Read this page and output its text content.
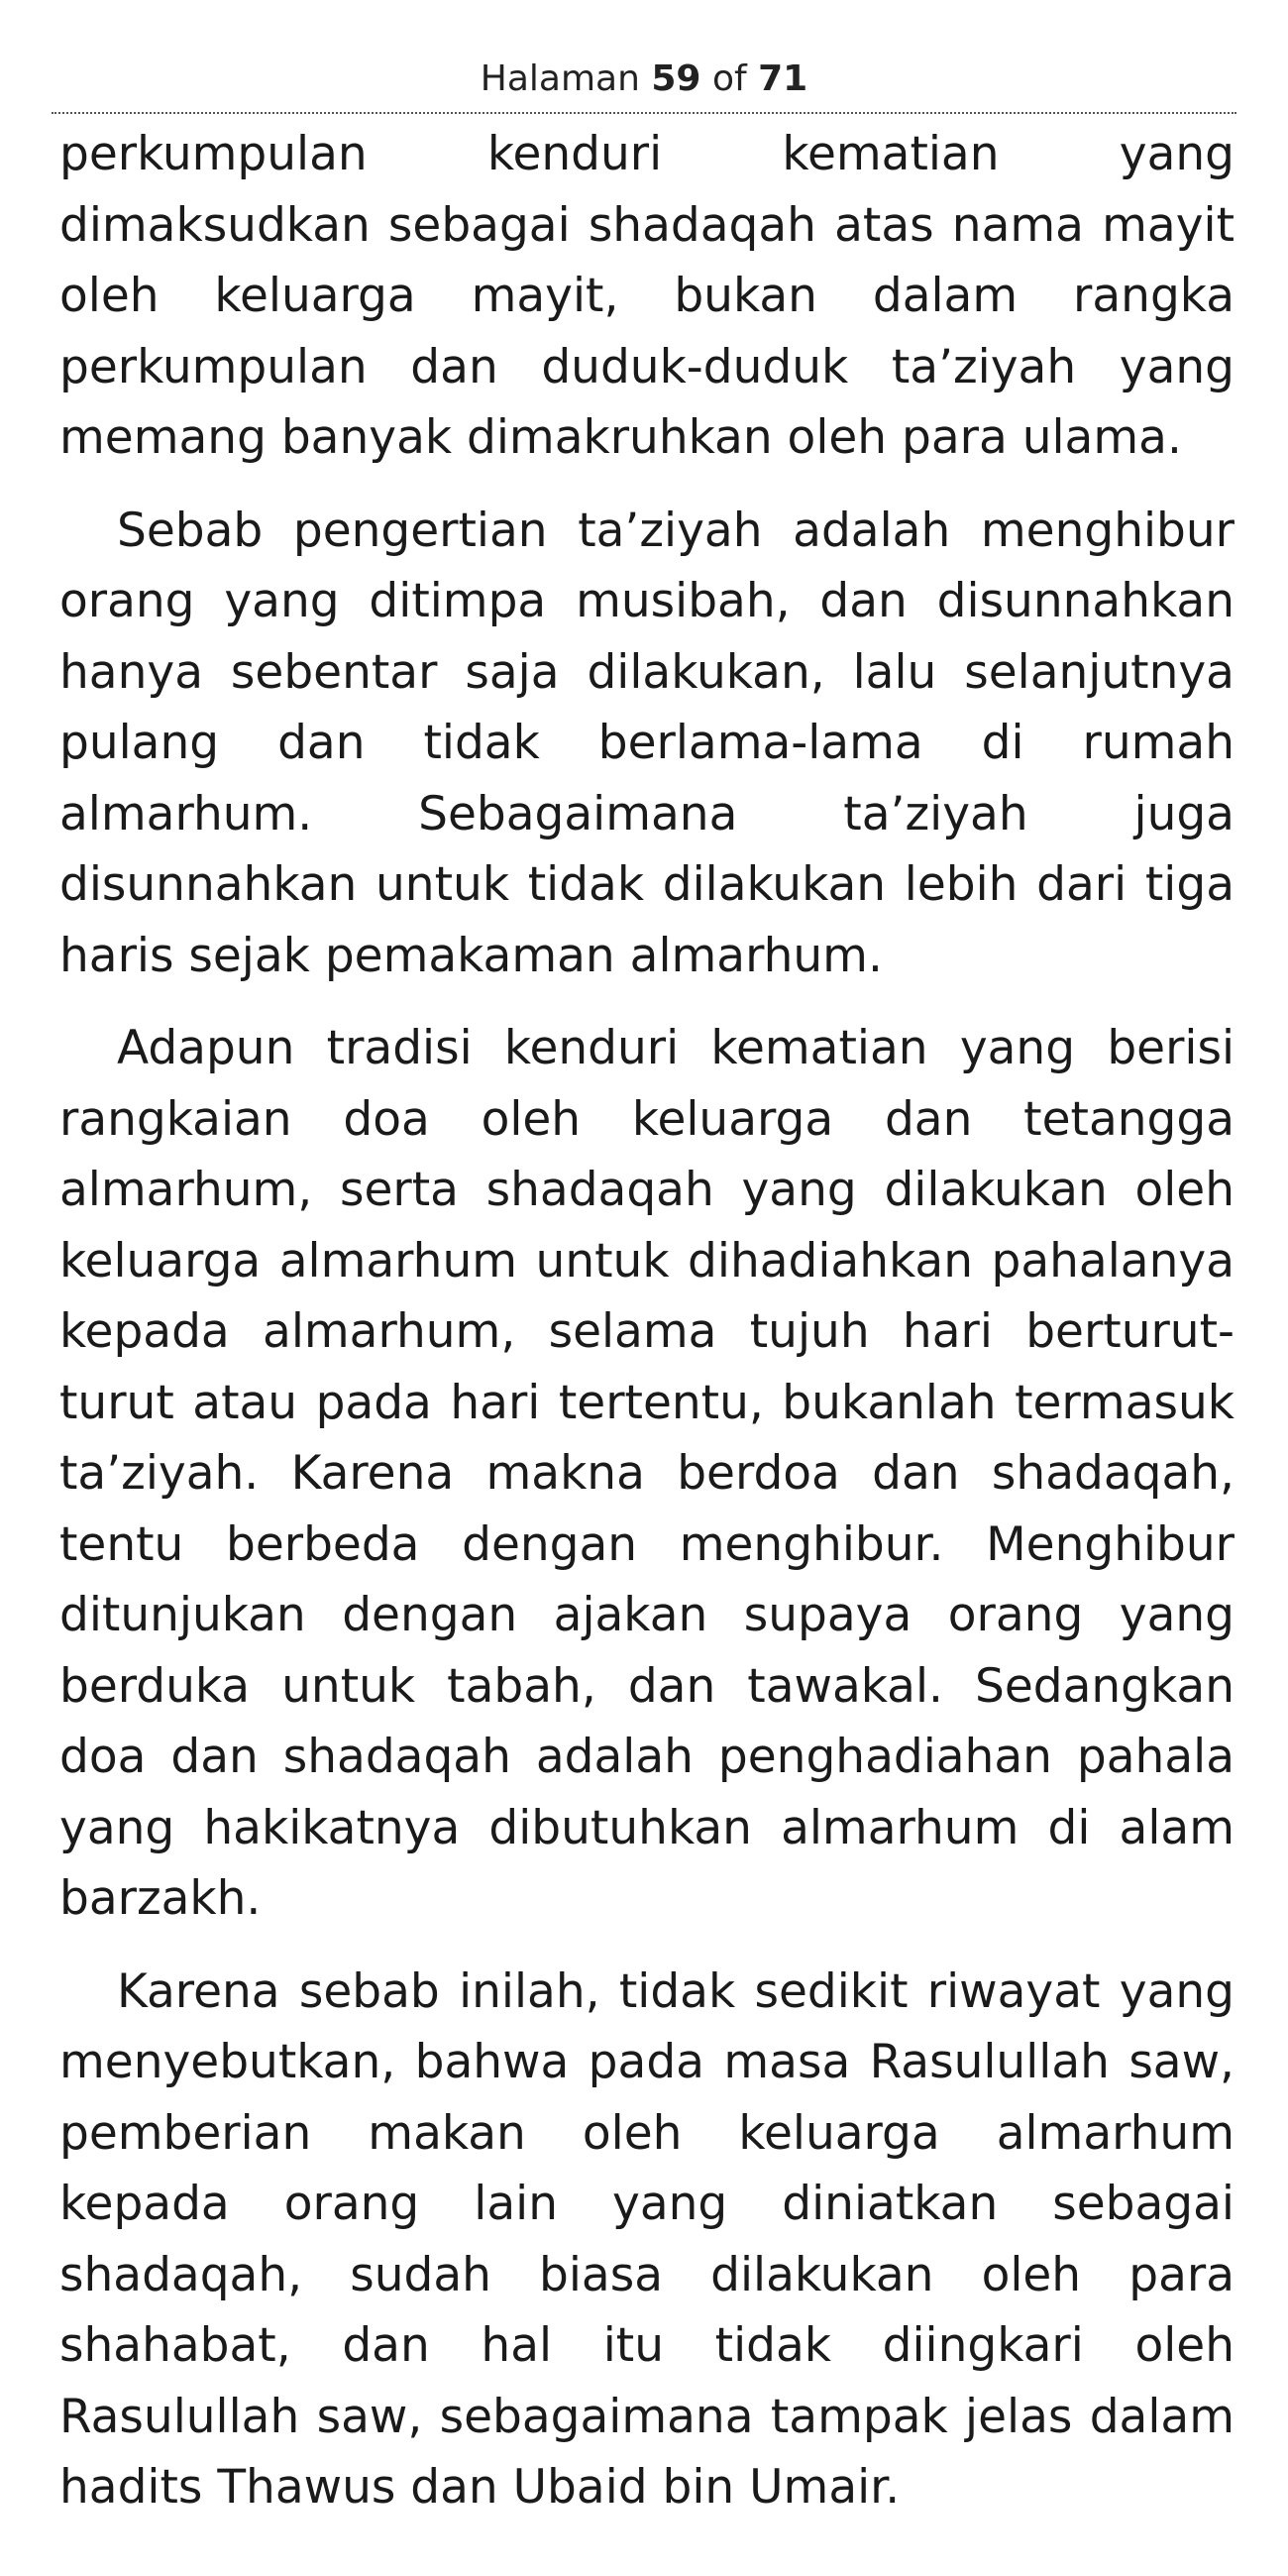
Halaman 59 of 71

perkumpulan kenduri kematian yang dimaksudkan sebagai shadaqah atas nama mayit oleh keluarga mayit, bukan dalam rangka perkumpulan dan duduk-duduk ta’ziyah yang memang banyak dimakruhkan oleh para ulama.

Sebab pengertian ta’ziyah adalah menghibur orang yang ditimpa musibah, dan disunnahkan hanya sebentar saja dilakukan, lalu selanjutnya pulang dan tidak berlama-lama di rumah almarhum. Sebagaimana ta’ziyah juga disunnahkan untuk tidak dilakukan lebih dari tiga haris sejak pemakaman almarhum.

Adapun tradisi kenduri kematian yang berisi rangkaian doa oleh keluarga dan tetangga almarhum, serta shadaqah yang dilakukan oleh keluarga almarhum untuk dihadiahkan pahalanya kepada almarhum, selama tujuh hari berturut-turut atau pada hari tertentu, bukanlah termasuk ta’ziyah. Karena makna berdoa dan shadaqah, tentu berbeda dengan menghibur. Menghibur ditunjukan dengan ajakan supaya orang yang berduka untuk tabah, dan tawakal. Sedangkan doa dan shadaqah adalah penghadiahan pahala yang hakikatnya dibutuhkan almarhum di alam barzakh.

Karena sebab inilah, tidak sedikit riwayat yang menyebutkan, bahwa pada masa Rasulullah saw, pemberian makan oleh keluarga almarhum kepada orang lain yang diniatkan sebagai shadaqah, sudah biasa dilakukan oleh para shahabat, dan hal itu tidak diingkari oleh Rasulullah saw, sebagaimana tampak jelas dalam hadits Thawus dan Ubaid bin Umair.
